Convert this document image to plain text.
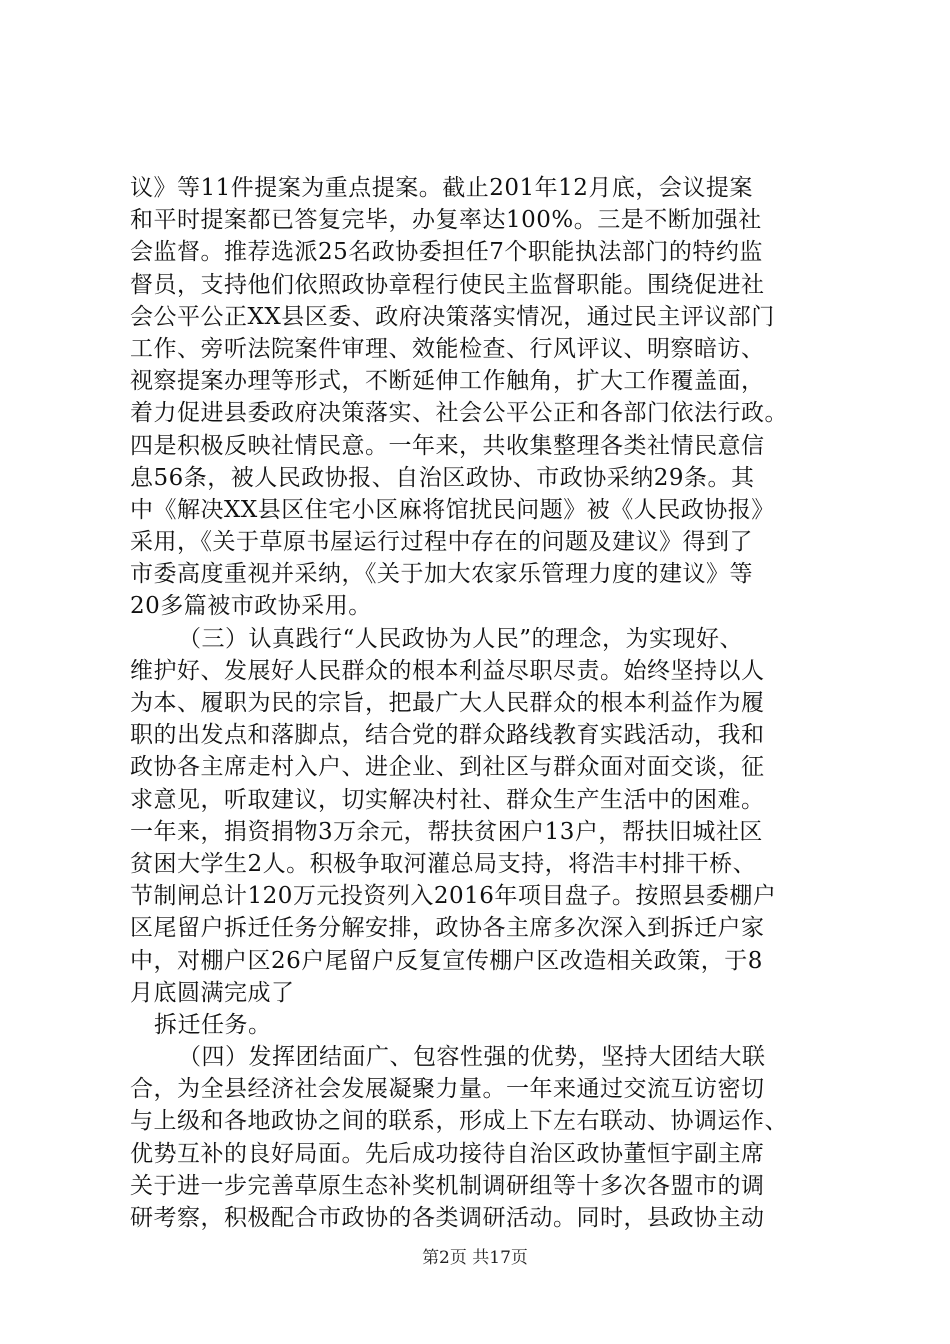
议》等11件提案为重点提案。截止201年12月底，会议提案
和平时提案都已答复完毕，办复率达100%。三是不断加强社
会监督。推荐选派25名政协委担任7个职能执法部门的特约监
督员，支持他们依照政协章程行使民主监督职能。围绕促进社
会公平公正XX县区委、政府决策落实情况，通过民主评议部门
工作、旁听法院案件审理、效能检查、行风评议、明察暗访、
视察提案办理等形式，不断延伸工作触角，扩大工作覆盖面，
着力促进县委政府决策落实、社会公平公正和各部门依法行政。
四是积极反映社情民意。一年来，共收集整理各类社情民意信
息56条，被人民政协报、自治区政协、市政协采纳29条。其
中《解决XX县区住宅小区麻将馆扰民问题》被《人民政协报》
采用，《关于草原书屋运行过程中存在的问题及建议》得到了
市委高度重视并采纳，《关于加大农家乐管理力度的建议》等
20多篇被市政协采用。
（三）认真践行“人民政协为人民”的理念，为实现好、
维护好、发展好人民群众的根本利益尽职尽责。始终坚持以人
为本、履职为民的宗旨，把最广大人民群众的根本利益作为履
职的出发点和落脚点，结合党的群众路线教育实践活动，我和
政协各主席走村入户、进企业、到社区与群众面对面交谈，征
求意见，听取建议，切实解决村社、群众生产生活中的困难。
一年来，捐资捐物3万余元，帮扶贫困户13户，帮扶旧城社区
贫困大学生2人。积极争取河灌总局支持，将浩丰村排干桥、
节制闸总计120万元投资列入2016年项目盘子。按照县委棚户
区尾留户拆迁任务分解安排，政协各主席多次深入到拆迁户家
中，对棚户区26户尾留户反复宣传棚户区改造相关政策，于8
月底圆满完成了
拆迁任务。
（四）发挥团结面广、包容性强的优势，坚持大团结大联
合，为全县经济社会发展凝聚力量。一年来通过交流互访密切
与上级和各地政协之间的联系，形成上下左右联动、协调运作、
优势互补的良好局面。先后成功接待自治区政协董恒宇副主席
关于进一步完善草原生态补奖机制调研组等十多次各盟市的调
研考察，积极配合市政协的各类调研活动。同时，县政协主动
第2页 共17页
